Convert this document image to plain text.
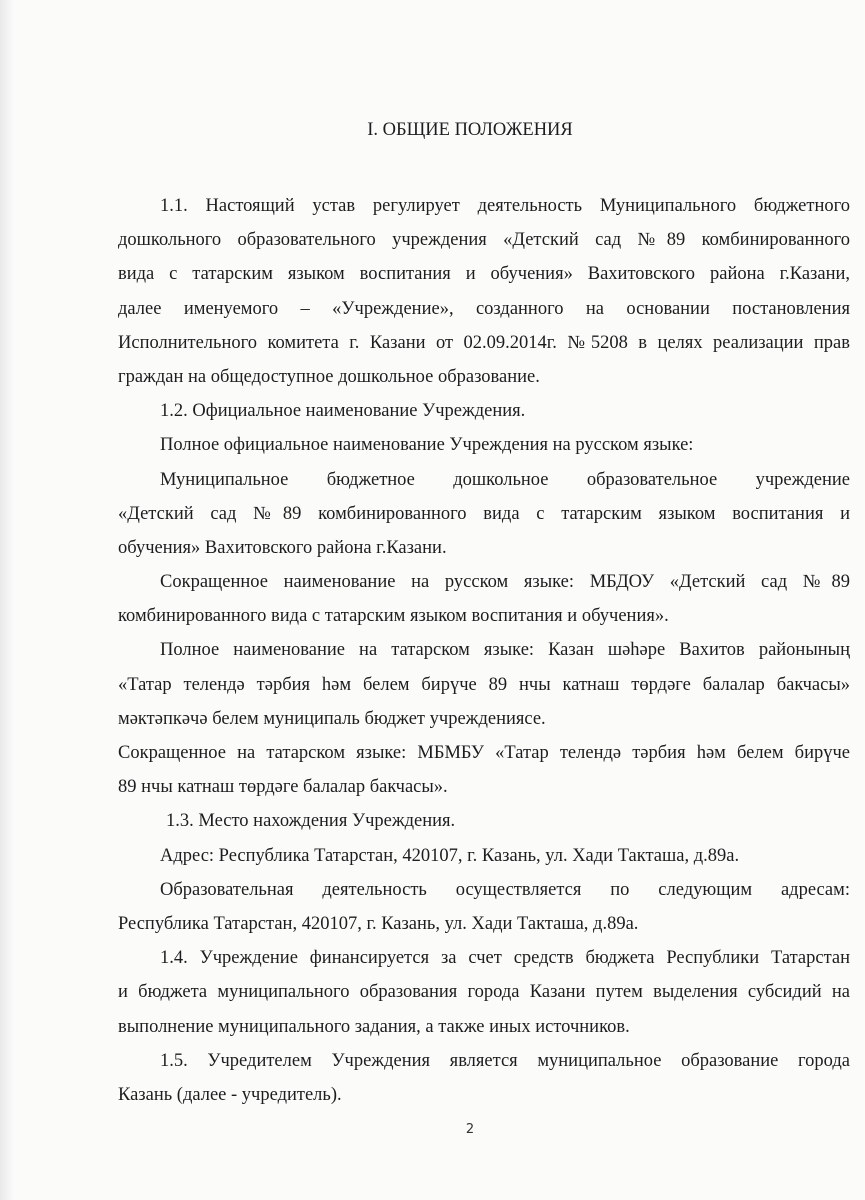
I. ОБЩИЕ ПОЛОЖЕНИЯ
1.1. Настоящий устав регулирует деятельность Муниципального бюджетного
дошкольного образовательного учреждения «Детский сад №89 комбинированного
вида с татарским языком воспитания и обучения» Вахитовского района г.Казани,
далее именуемого – «Учреждение», созданного на основании постановления
Исполнительного комитета г. Казани от 02.09.2014г. №5208 в целях реализации прав
граждан на общедоступное дошкольное образование.
1.2. Официальное наименование Учреждения.
Полное официальное наименование Учреждения на русском языке:
Муниципальное бюджетное дошкольное образовательное учреждение
«Детский сад №89 комбинированного вида с татарским языком воспитания и
обучения» Вахитовского района г.Казани.
Сокращенное наименование на русском языке: МБДОУ «Детский сад №89
комбинированного вида с татарским языком воспитания и обучения».
Полное наименование на татарском языке: Казан шәһәре Вахитов районының
«Татар телендә тәрбия һәм белем бирүче 89 нчы катнаш төрдәге балалар бакчасы»
мәктәпкәчә белем муниципаль бюджет учреждениясе.
Сокращенное на татарском языке: МБМБУ «Татар телендә тәрбия һәм белем бирүче
89 нчы катнаш төрдәге балалар бакчасы».
1.3. Место нахождения Учреждения.
Адрес: Республика Татарстан, 420107, г. Казань, ул. Хади Такташа, д.89а.
Образовательная деятельность осуществляется по следующим адресам:
Республика Татарстан, 420107, г. Казань, ул. Хади Такташа, д.89а.
1.4. Учреждение финансируется за счет средств бюджета Республики Татарстан
и бюджета муниципального образования города Казани путем выделения субсидий на
выполнение муниципального задания, а также иных источников.
1.5. Учредителем Учреждения является муниципальное образование города
Казань (далее - учредитель).
2
